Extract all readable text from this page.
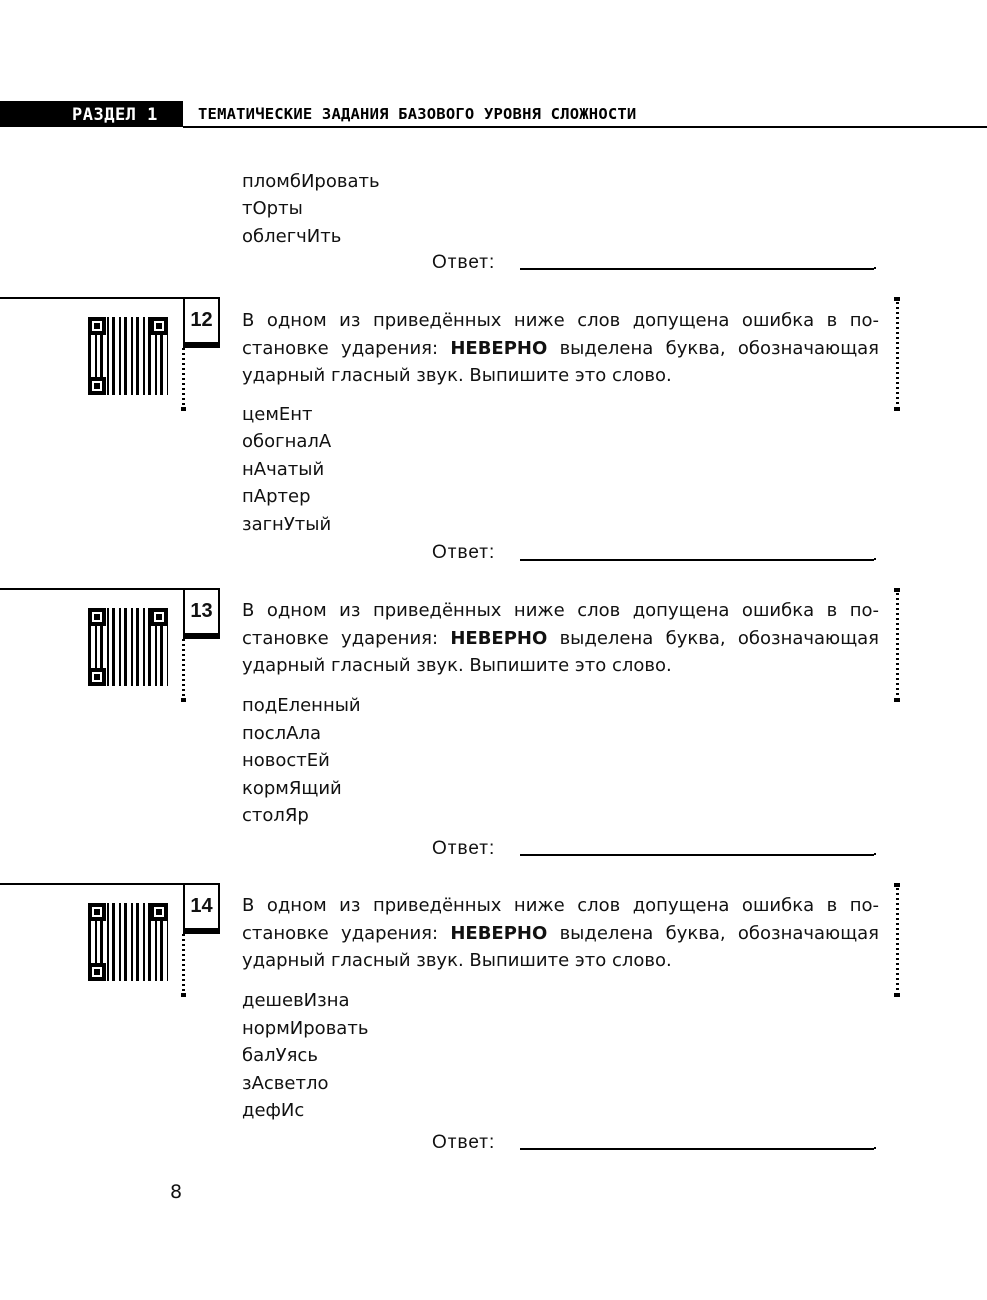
РАЗДЕЛ 1	ТЕМАТИЧЕСКИЕ ЗАДАНИЯ БАЗОВОГО УРОВНЯ СЛОЖНОСТИ
пломбИровать
тОрты
облегчИть
Ответ:
12 В одном из приведённых ниже слов допущена ошибка в по-
становке ударения: НЕВЕРНО выделена буква, обозначающая
ударный гласный звук. Выпишите это слово.
цемЕнт
обогналА
нАчатый
пАртер
загнУтый
Ответ:
13 В одном из приведённых ниже слов допущена ошибка в по-
становке ударения: НЕВЕРНО выделена буква, обозначающая
ударный гласный звук. Выпишите это слово.
подЕленный
послАла
новостЕй
кормЯщий
столЯр
Ответ:
14 В одном из приведённых ниже слов допущена ошибка в по-
становке ударения: НЕВЕРНО выделена буква, обозначающая
ударный гласный звук. Выпишите это слово.
дешевИзна
нормИровать
балУясь
зАсветло
дефИс
Ответ:
8
